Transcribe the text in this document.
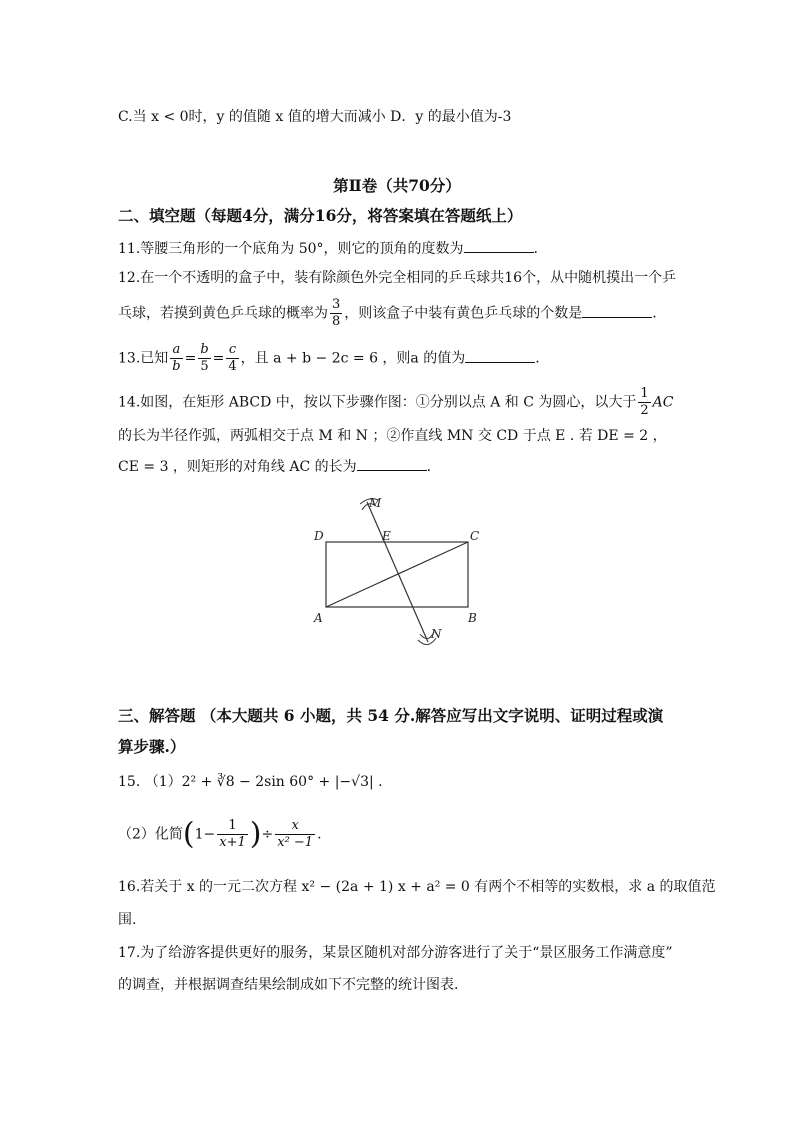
C.当 x < 0时，y 的值随 x 值的增大而减小 D．y 的最小值为-3
第Ⅱ卷（共70分）
二、填空题（每题4分，满分16分，将答案填在答题纸上）
11.等腰三角形的一个底角为 50°，则它的顶角的度数为	.
12.在一个不透明的盒子中，装有除颜色外完全相同的乒乓球共16个，从中随机摸出一个乒
乓球，若摸到黄色乒乓球的概率为 $\frac{3}{8}$ ，则该盒子中装有黄色乒乓球的个数是	.
13.已知 $\frac{a}{b} = \frac{b}{5} = \frac{c}{4}$ ，且 a + b − 2c = 6 ，则a 的值为	.
14.如图，在矩形 ABCD 中，按以下步骤作图：①分别以点 A 和 C 为圆心，以大于 $\frac{1}{2}$ AC
的长为半径作弧，两弧相交于点 M 和 N ；②作直线 MN 交 CD 于点 E . 若 DE = 2 ，
CE = 3 ，则矩形的对角线 AC 的长为	.
M
D	E	C
A	B
N
三、解答题 （本大题共 6 小题，共 54 分.解答应写出文字说明、证明过程或演
算步骤.）
15. （1）2² + ∛8 − 2sin 60° + |−√3| .
（2）化简($1- \frac{1}{x+1}$ )÷ $\frac{x}{\text{x² −1}}$ .
16.若关于 x 的一元二次方程 x² − (2a + 1) x + a² = 0 有两个不相等的实数根，求 a 的取值范
围.
17.为了给游客提供更好的服务，某景区随机对部分游客进行了关于“景区服务工作满意度”
的调查，并根据调查结果绘制成如下不完整的统计图表.
